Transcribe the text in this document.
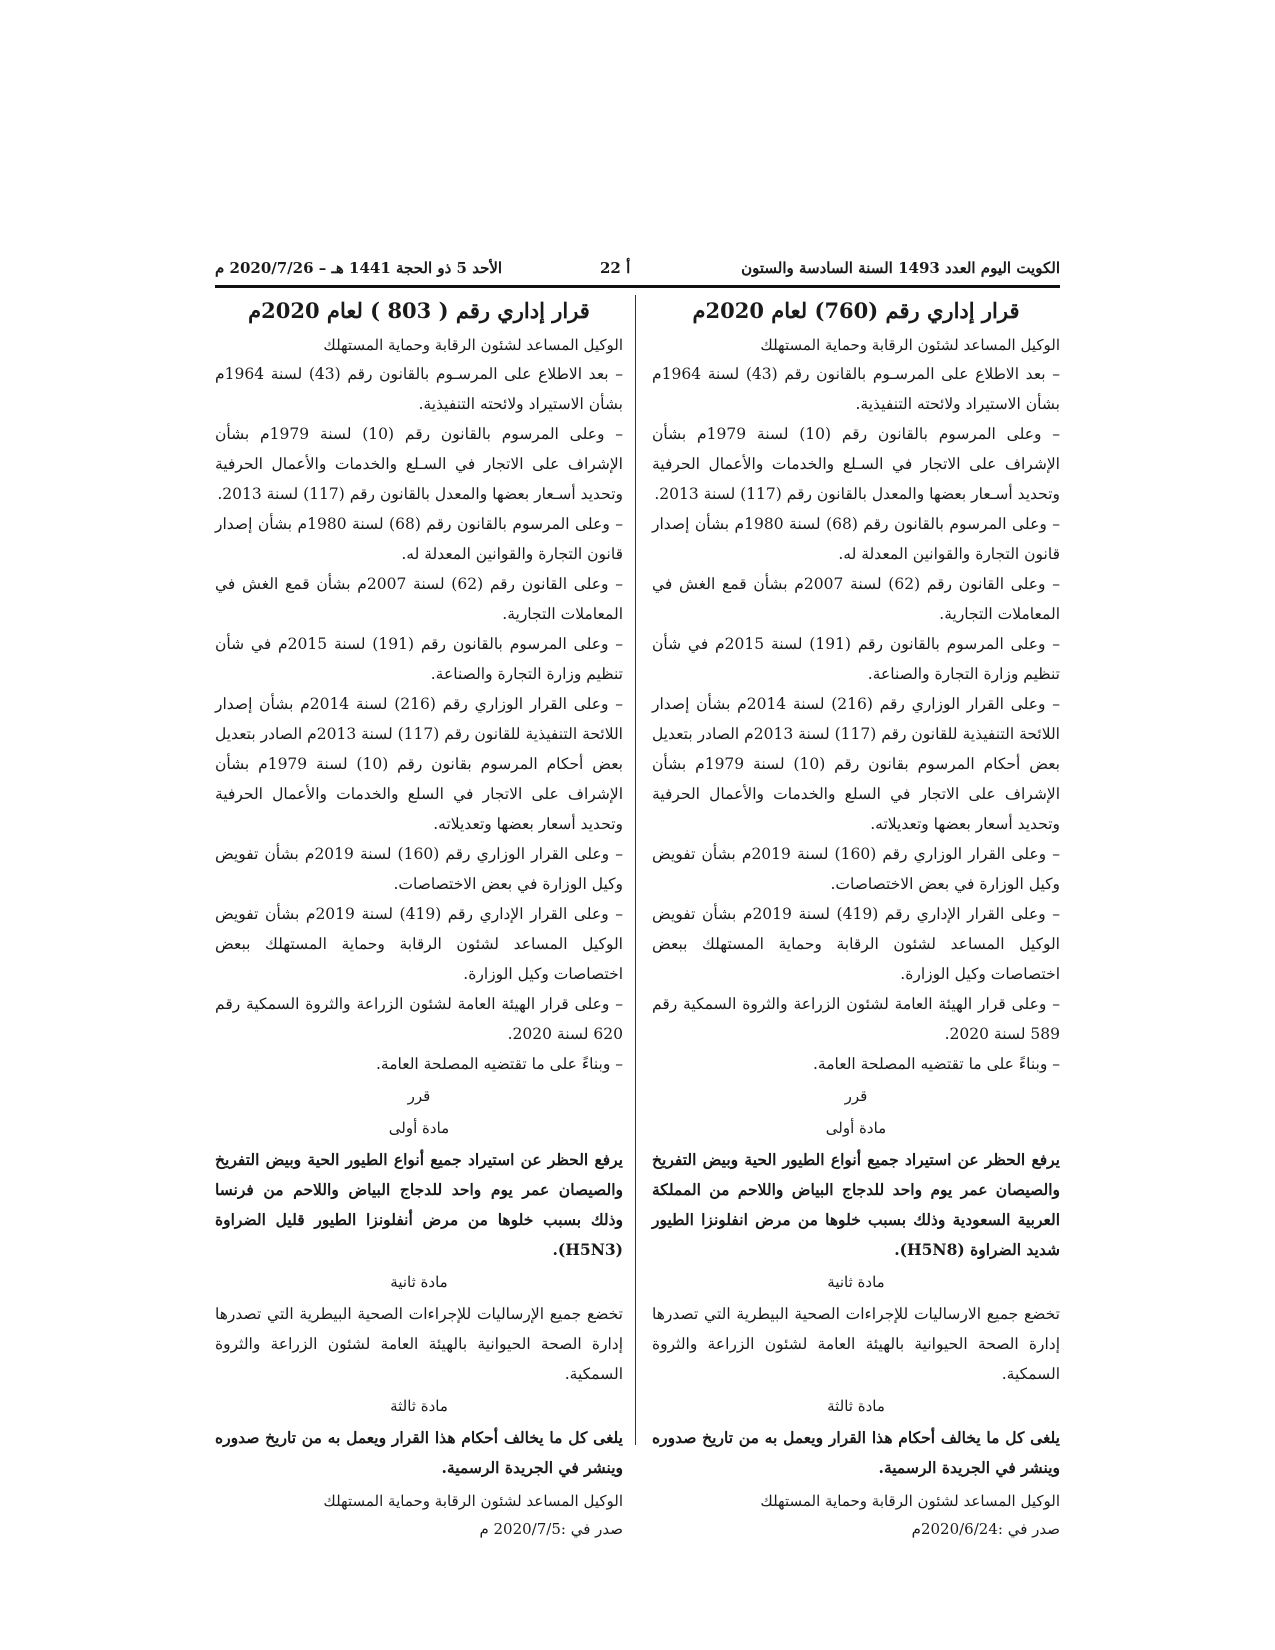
الكويت اليوم العدد 1493 السنة السادسة والستون
أ 22
الأحد 5 ذو الحجة 1441 هـ – 2020/7/26 م

قرار إداري رقم (760) لعام 2020م

الوكيل المساعد لشئون الرقابة وحماية المستهلك

– بعد الاطلاع على المرسـوم بالقانون رقم (43) لسنة 1964م بشأن الاستيراد ولائحته التنفيذية.

– وعلى المرسوم بالقانون رقم (10) لسنة 1979م بشأن الإشراف على الاتجار في السـلع والخدمات والأعمال الحرفية وتحديد أسـعار بعضها والمعدل بالقانون رقم (117) لسنة 2013.

– وعلى المرسوم بالقانون رقم (68) لسنة 1980م بشأن إصدار قانون التجارة والقوانين المعدلة له.

– وعلى القانون رقم (62) لسنة 2007م بشأن قمع الغش في المعاملات التجارية.

– وعلى المرسوم بالقانون رقم (191) لسنة 2015م في شأن تنظيم وزارة التجارة والصناعة.

– وعلى القرار الوزاري رقم (216) لسنة 2014م بشأن إصدار اللائحة التنفيذية للقانون رقم (117) لسنة 2013م الصادر بتعديل بعض أحكام المرسوم بقانون رقم (10) لسنة 1979م بشأن الإشراف على الاتجار في السلع والخدمات والأعمال الحرفية وتحديد أسعار بعضها وتعديلاته.

– وعلى القرار الوزاري رقم (160) لسنة 2019م بشأن تفويض وكيل الوزارة في بعض الاختصاصات.

– وعلى القرار الإداري رقم (419) لسنة 2019م بشأن تفويض الوكيل المساعد لشئون الرقابة وحماية المستهلك ببعض اختصاصات وكيل الوزارة.

– وعلى قرار الهيئة العامة لشئون الزراعة والثروة السمكية رقم 589 لسنة 2020.

– وبناءً على ما تقتضيه المصلحة العامة.

قرر

مادة أولى

يرفع الحظر عن استيراد جميع أنواع الطيور الحية وبيض التفريخ والصيصان عمر يوم واحد للدجاج البياض واللاحم من المملكة العربية السعودية وذلك بسبب خلوها من مرض انفلونزا الطيور شديد الضراوة (H5N8).

مادة ثانية

تخضع جميع الارساليات للإجراءات الصحية البيطرية التي تصدرها إدارة الصحة الحيوانية بالهيئة العامة لشئون الزراعة والثروة السمكية.

مادة ثالثة

يلغى كل ما يخالف أحكام هذا القرار ويعمل به من تاريخ صدوره وينشر في الجريدة الرسمية.

الوكيل المساعد لشئون الرقابة وحماية المستهلك

صدر في :2020/6/24م

قرار إداري رقم ( 803 ) لعام 2020م

الوكيل المساعد لشئون الرقابة وحماية المستهلك

– بعد الاطلاع على المرسـوم بالقانون رقم (43) لسنة 1964م بشأن الاستيراد ولائحته التنفيذية.

– وعلى المرسوم بالقانون رقم (10) لسنة 1979م بشأن الإشراف على الاتجار في السـلع والخدمات والأعمال الحرفية وتحديد أسـعار بعضها والمعدل بالقانون رقم (117) لسنة 2013.

– وعلى المرسوم بالقانون رقم (68) لسنة 1980م بشأن إصدار قانون التجارة والقوانين المعدلة له.

– وعلى القانون رقم (62) لسنة 2007م بشأن قمع الغش في المعاملات التجارية.

– وعلى المرسوم بالقانون رقم (191) لسنة 2015م في شأن تنظيم وزارة التجارة والصناعة.

– وعلى القرار الوزاري رقم (216) لسنة 2014م بشأن إصدار اللائحة التنفيذية للقانون رقم (117) لسنة 2013م الصادر بتعديل بعض أحكام المرسوم بقانون رقم (10) لسنة 1979م بشأن الإشراف على الاتجار في السلع والخدمات والأعمال الحرفية وتحديد أسعار بعضها وتعديلاته.

– وعلى القرار الوزاري رقم (160) لسنة 2019م بشأن تفويض وكيل الوزارة في بعض الاختصاصات.

– وعلى القرار الإداري رقم (419) لسنة 2019م بشأن تفويض الوكيل المساعد لشئون الرقابة وحماية المستهلك ببعض اختصاصات وكيل الوزارة.

– وعلى قرار الهيئة العامة لشئون الزراعة والثروة السمكية رقم 620 لسنة 2020.

– وبناءً على ما تقتضيه المصلحة العامة.

قرر

مادة أولى

يرفع الحظر عن استيراد جميع أنواع الطيور الحية وبيض التفريخ والصيصان عمر يوم واحد للدجاج البياض واللاحم من فرنسا وذلك بسبب خلوها من مرض أنفلونزا الطيور قليل الضراوة (H5N3).

مادة ثانية

تخضع جميع الإرساليات للإجراءات الصحية البيطرية التي تصدرها إدارة الصحة الحيوانية بالهيئة العامة لشئون الزراعة والثروة السمكية.

مادة ثالثة

يلغى كل ما يخالف أحكام هذا القرار ويعمل به من تاريخ صدوره وينشر في الجريدة الرسمية.

الوكيل المساعد لشئون الرقابة وحماية المستهلك

صدر في :2020/7/5 م
